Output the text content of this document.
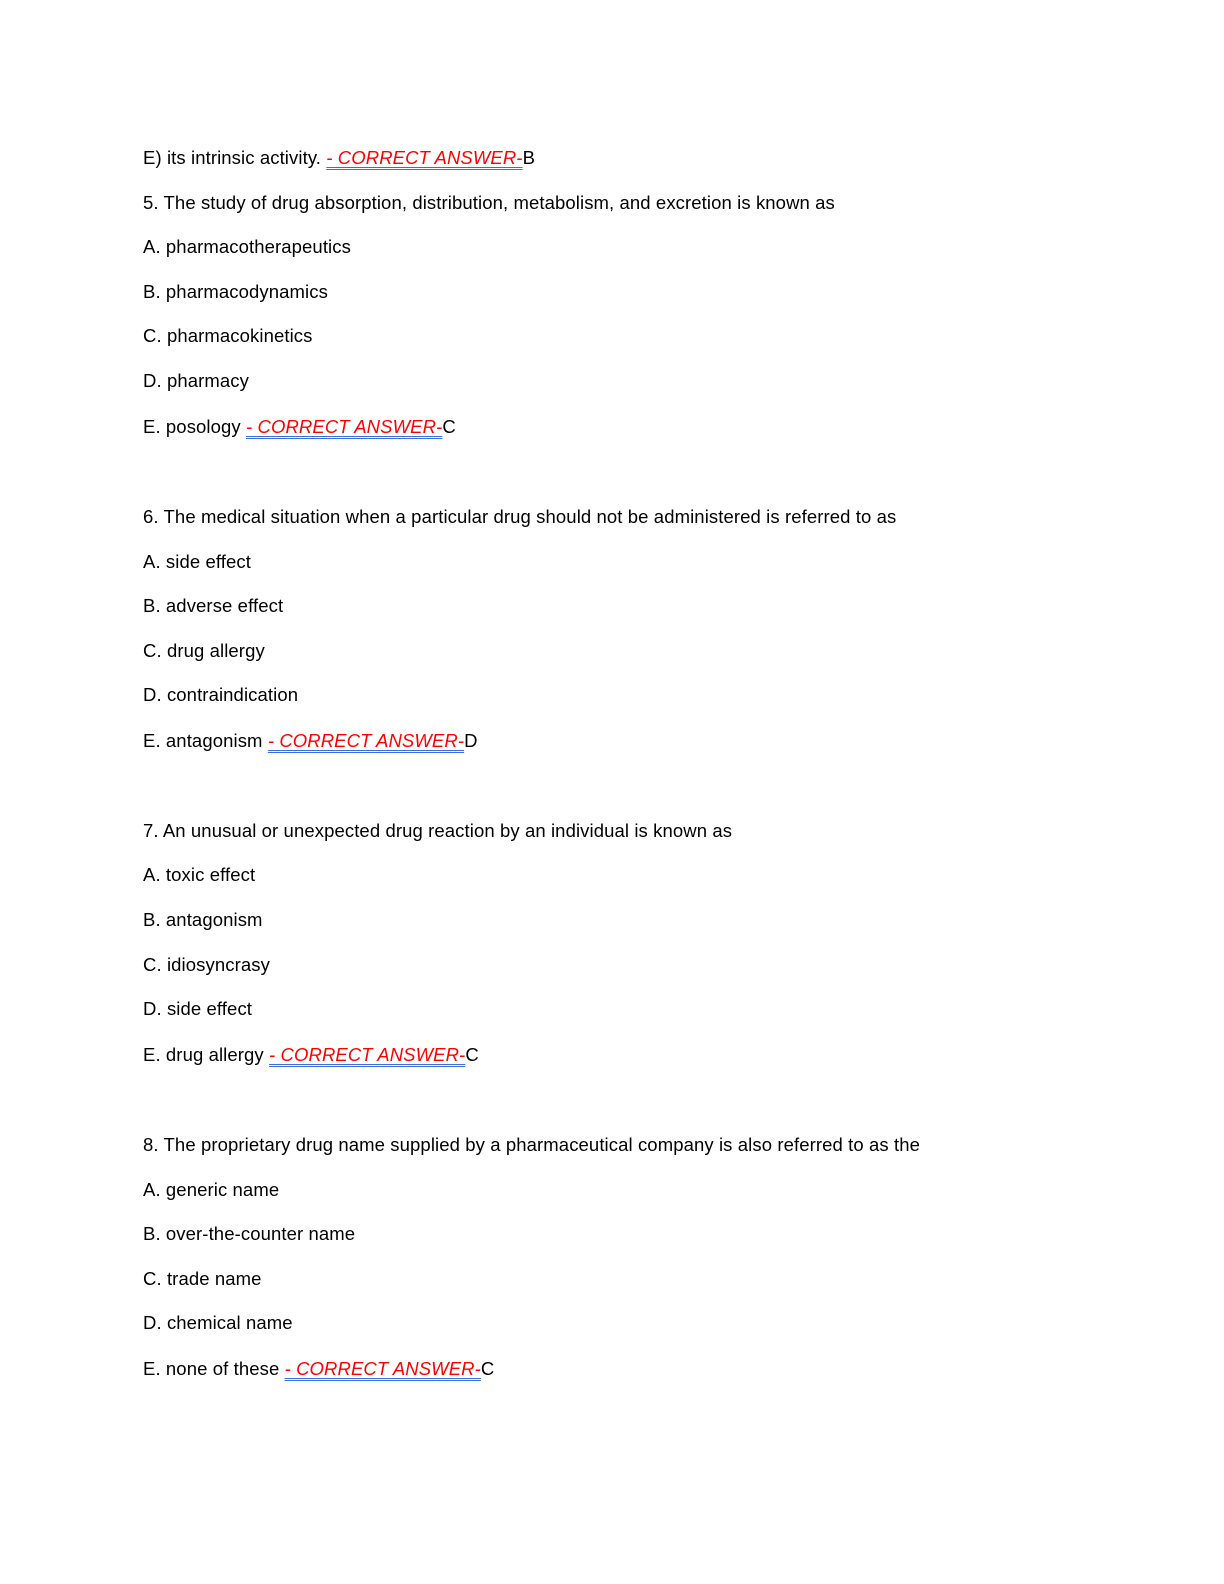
E) its intrinsic activity. - CORRECT ANSWER-B
5. The study of drug absorption, distribution, metabolism, and excretion is known as
A. pharmacotherapeutics
B. pharmacodynamics
C. pharmacokinetics
D. pharmacy
E. posology - CORRECT ANSWER-C
6. The medical situation when a particular drug should not be administered is referred to as
A. side effect
B. adverse effect
C. drug allergy
D. contraindication
E. antagonism - CORRECT ANSWER-D
7. An unusual or unexpected drug reaction by an individual is known as
A. toxic effect
B. antagonism
C. idiosyncrasy
D. side effect
E. drug allergy - CORRECT ANSWER-C
8. The proprietary drug name supplied by a pharmaceutical company is also referred to as the
A. generic name
B. over-the-counter name
C. trade name
D. chemical name
E. none of these - CORRECT ANSWER-C
